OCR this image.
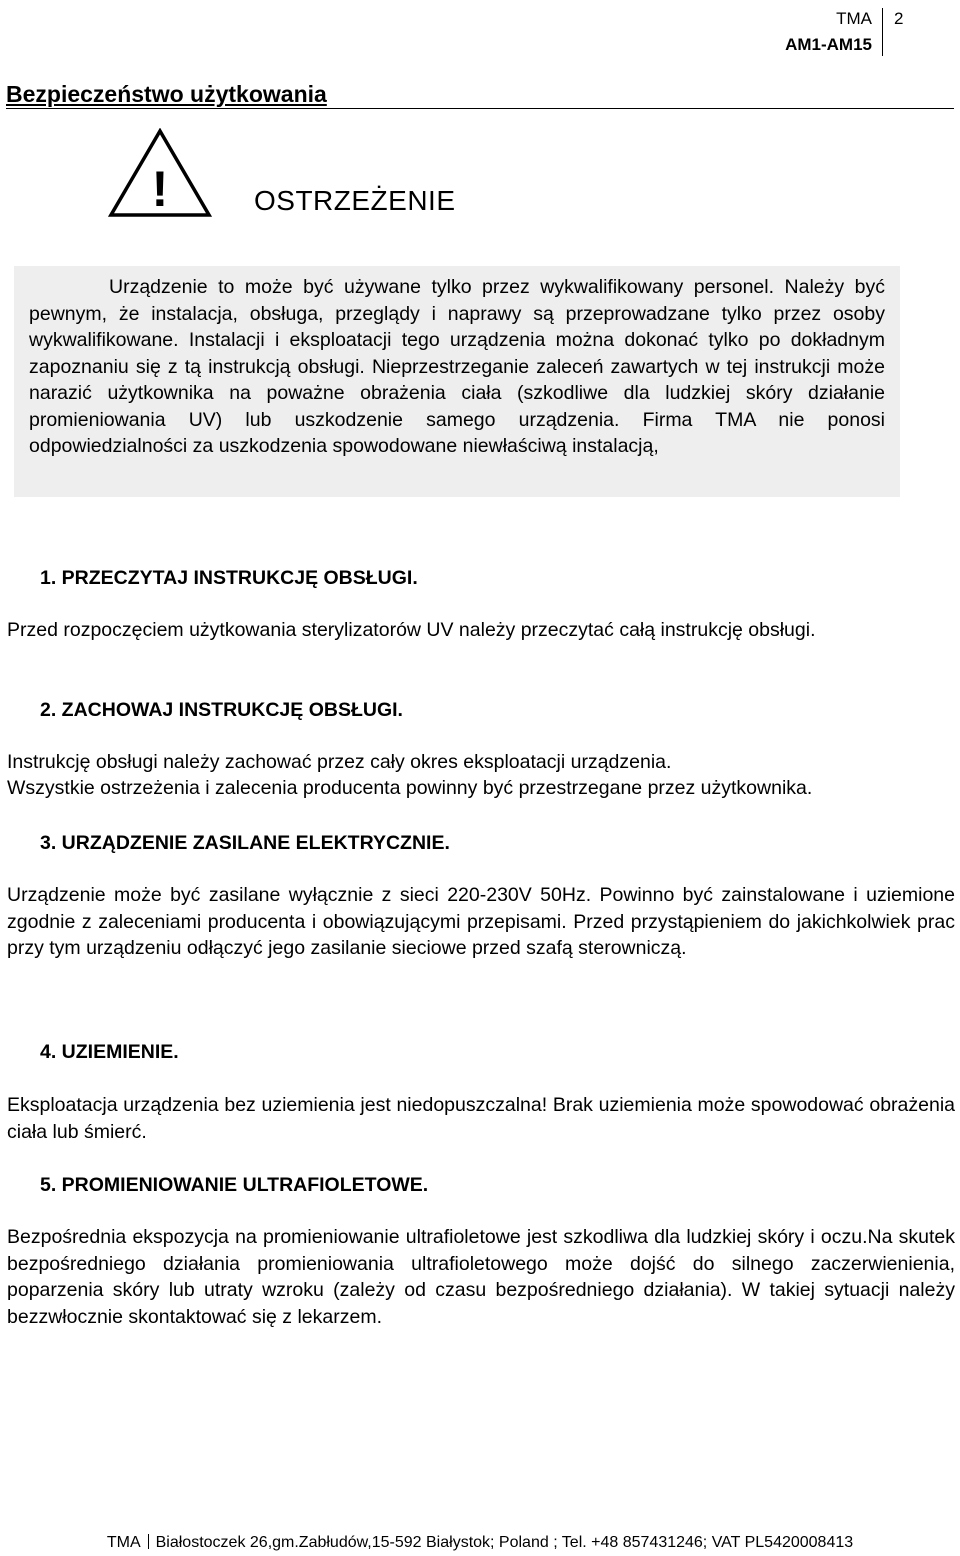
TMA
AM1-AM15
2
Bezpieczeństwo użytkowania
!	OSTRZEŻENIE
Urządzenie to może być używane tylko przez wykwalifikowany personel. Należy być pewnym, że instalacja, obsługa, przeglądy i naprawy są przeprowadzane tylko przez osoby wykwalifikowane. Instalacji i eksploatacji tego urządzenia można dokonać tylko po dokładnym zapoznaniu się z tą instrukcją obsługi. Nieprzestrzeganie zaleceń zawartych w tej instrukcji może narazić użytkownika na poważne obrażenia ciała (szkodliwe dla ludzkiej skóry działanie promieniowania UV) lub uszkodzenie samego urządzenia. Firma TMA nie ponosi odpowiedzialności za uszkodzenia spowodowane niewłaściwą instalacją,
1. PRZECZYTAJ INSTRUKCJĘ OBSŁUGI.

Przed rozpoczęciem użytkowania sterylizatorów UV należy przeczytać całą instrukcję obsługi.

2. ZACHOWAJ INSTRUKCJĘ OBSŁUGI.

Instrukcję obsługi należy zachować przez cały okres eksploatacji urządzenia.

Wszystkie ostrzeżenia i zalecenia producenta powinny być przestrzegane przez użytkownika.

3. URZĄDZENIE ZASILANE ELEKTRYCZNIE.

Urządzenie może być zasilane wyłącznie z sieci 220-230V 50Hz. Powinno być zainstalowane i uziemione zgodnie z zaleceniami producenta i obowiązującymi przepisami. Przed przystąpieniem do jakichkolwiek prac przy tym urządzeniu odłączyć jego zasilanie sieciowe przed szafą sterowniczą.

4. UZIEMIENIE.

Eksploatacja urządzenia bez uziemienia jest niedopuszczalna! Brak uziemienia może spowodować obrażenia ciała lub śmierć.

5. PROMIENIOWANIE ULTRAFIOLETOWE.

Bezpośrednia ekspozycja na promieniowanie ultrafioletowe jest szkodliwa dla ludzkiej skóry i oczu.Na skutek bezpośredniego działania promieniowania ultrafioletowego może dojść do silnego zaczerwienienia, poparzenia skóry lub utraty wzroku (zależy od czasu bezpośredniego działania). W takiej sytuacji należy bezzwłocznie skontaktować się z lekarzem.

TMA Białostoczek 26,gm.Zabłudów,15-592 Białystok; Poland ; Tel. +48 857431246; VAT PL5420008413
